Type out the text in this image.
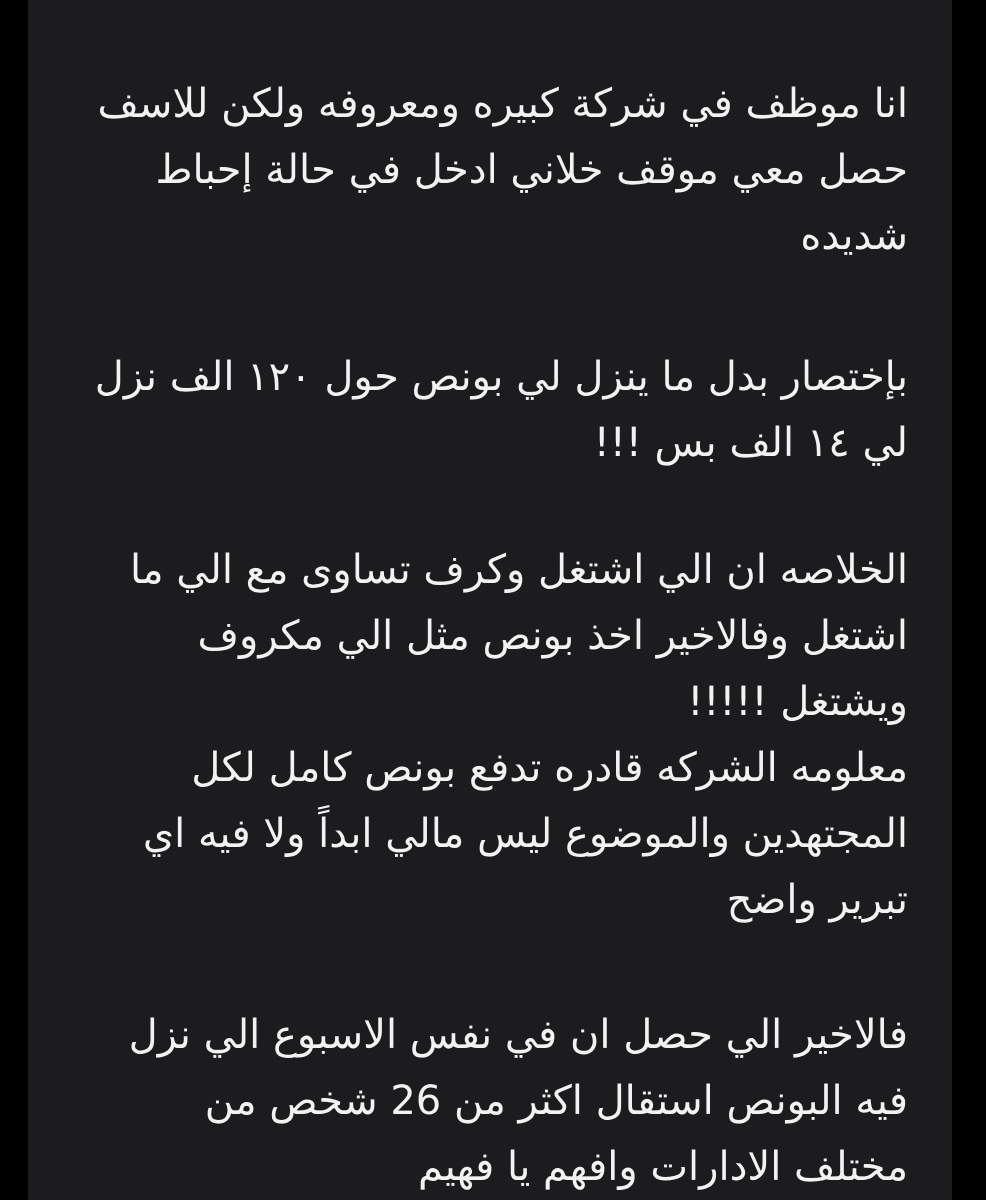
انا موظف في شركة كبيره ومعروفه ولكن للاسف
حصل معي موقف خلاني ادخل في حالة إحباط
شديده
بإختصار بدل ما ينزل لي بونص حول ١٢٠ الف نزل
لي ١٤ الف بس !!!
الخلاصه ان الي اشتغل وكرف تساوى مع الي ما
اشتغل وفالاخير اخذ بونص مثل الي مكروف
ويشتغل !!!!!
معلومه الشركه قادره تدفع بونص كامل لكل
المجتهدين والموضوع ليس مالي ابداً ولا فيه اي
تبرير واضح
فالاخير الي حصل ان في نفس الاسبوع الي نزل
فيه البونص استقال اكثر من 26 شخص من
مختلف الادارات وافهم يا فهيم
